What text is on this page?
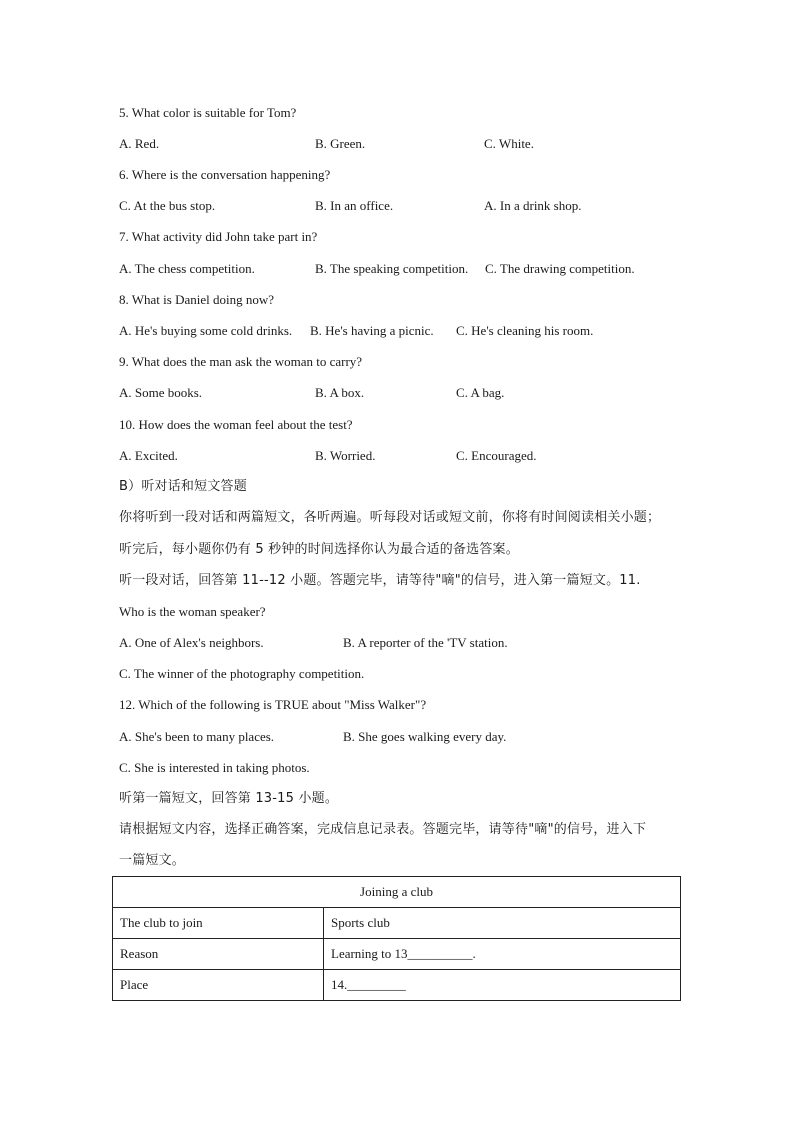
5. What color is suitable for Tom?
A. Red.	B. Green.	C. White.
6. Where is the conversation happening?
C. At the bus stop.	B. In an office.	A. In a drink shop.
7. What activity did John take part in?
A. The chess competition.	B. The speaking competition. C. The drawing competition.
8. What is Daniel doing now?
A. He's buying some cold drinks. B. He's having a picnic. C. He's cleaning his room.
9. What does the man ask the woman to carry?
A. Some books.	B. A box.	C. A bag.
10. How does the woman feel about the test?
A. Excited.	B. Worried.	C. Encouraged.
B）听对话和短文答题
你将听到一段对话和两篇短文，各听两遍。听每段对话或短文前，你将有时间阅读相关小题；
听完后，每小题你仍有 5 秒钟的时间选择你认为最合适的备选答案。
听一段对话，回答第 11--12 小题。答题完毕，请等待"嘀"的信号，进入第一篇短文。11.
Who is the woman speaker?
A. One of Alex's neighbors.	B. A reporter of the 'TV station.
C. The winner of the photography competition.
12. Which of the following is TRUE about "Miss Walker"?
A. She's been to many places.	B. She goes walking every day.
C. She is interested in taking photos.
听第一篇短文，回答第 13-15 小题。
请根据短文内容，选择正确答案，完成信息记录表。答题完毕，请等待"嘀"的信号，进入下
一篇短文。
Joining a club	
The club to join	Sports club
Reason	Learning to 13__________.
Place	14._________
